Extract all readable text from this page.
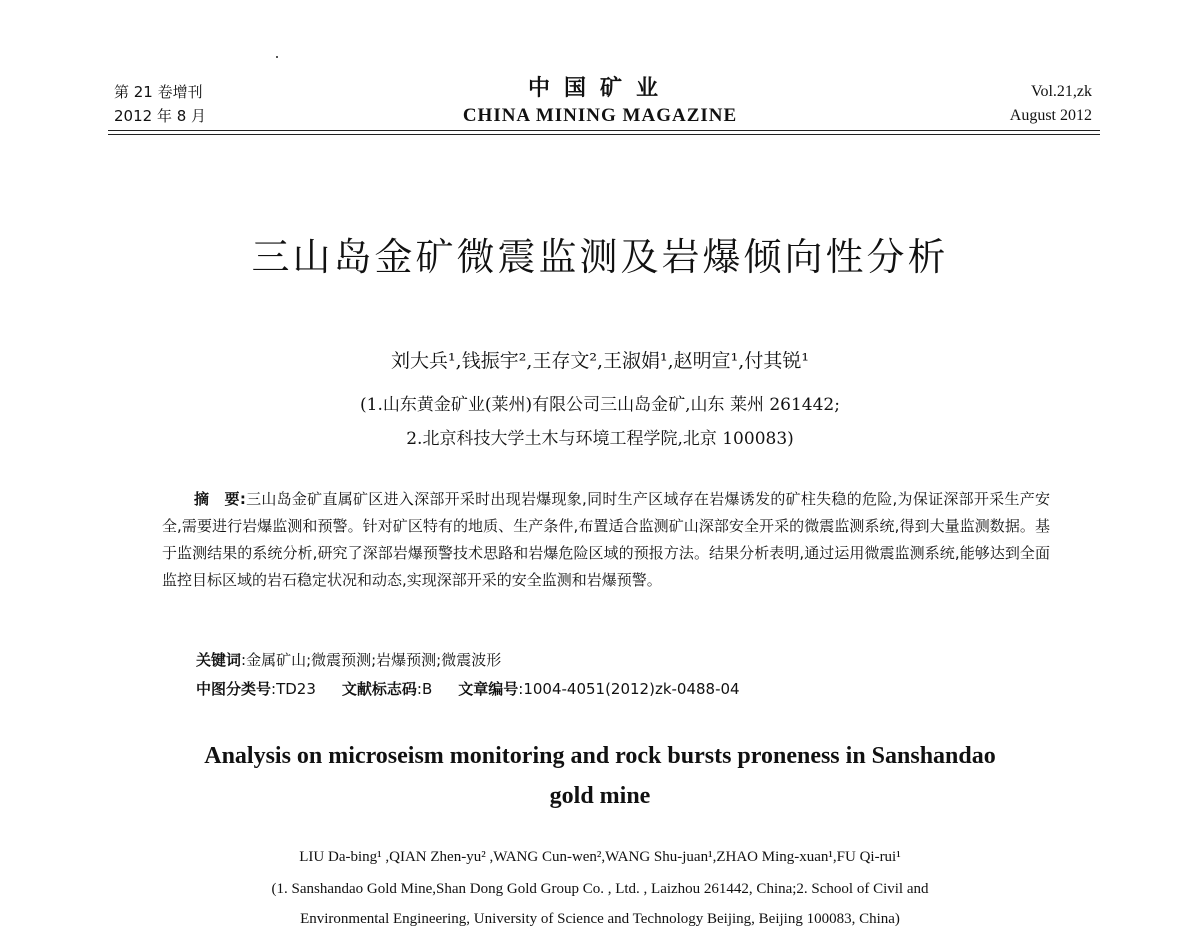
第 21 卷增刊
2012 年 8 月
中国矿业
CHINA MINING MAGAZINE
Vol.21,zk
August 2012
三山岛金矿微震监测及岩爆倾向性分析
刘大兵¹,钱振宇²,王存文²,王淑娟¹,赵明宣¹,付其锐¹
(1.山东黄金矿业(莱州)有限公司三山岛金矿,山东 莱州 261442;
2.北京科技大学土木与环境工程学院,北京 100083)
摘　要:三山岛金矿直属矿区进入深部开采时出现岩爆现象,同时生产区域存在岩爆诱发的矿柱失稳的危险,为保证深部开采生产安全,需要进行岩爆监测和预警。针对矿区特有的地质、生产条件,布置适合监测矿山深部安全开采的微震监测系统,得到大量监测数据。基于监测结果的系统分析,研究了深部岩爆预警技术思路和岩爆危险区域的预报方法。结果分析表明,通过运用微震监测系统,能够达到全面监控目标区域的岩石稳定状况和动态,实现深部开采的安全监测和岩爆预警。
关键词:金属矿山;微震预测;岩爆预测;微震波形
中图分类号:TD23 文献标志码:B 文章编号:1004-4051(2012)zk-0488-04
Analysis on microseism monitoring and rock bursts proneness in Sanshandao
gold mine
LIU Da-bing¹ ,QIAN Zhen-yu² ,WANG Cun-wen²,WANG Shu-juan¹,ZHAO Ming-xuan¹,FU Qi-rui¹
(1. Sanshandao Gold Mine,Shan Dong Gold Group Co. , Ltd. , Laizhou 261442, China;2. School of Civil and
Environmental Engineering, University of Science and Technology Beijing, Beijing 100083, China)
